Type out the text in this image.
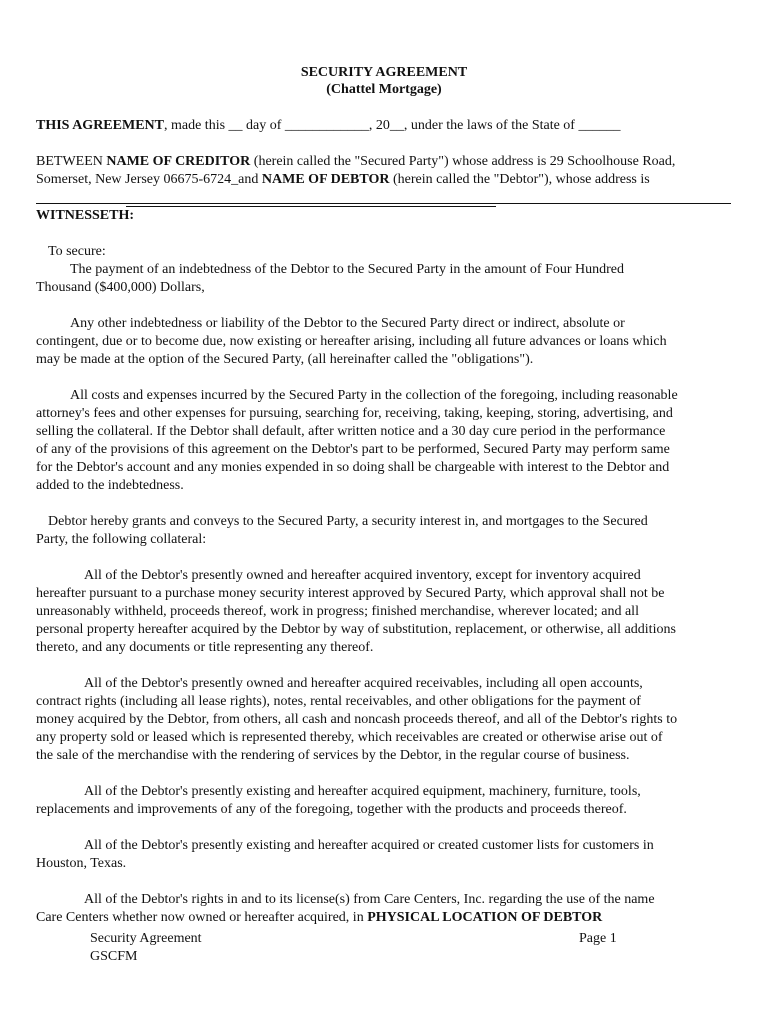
SECURITY AGREEMENT
(Chattel Mortgage)
THIS AGREEMENT, made this __ day of ____________, 20__, under the laws of the State of ______
BETWEEN NAME OF CREDITOR (herein called the "Secured Party") whose address is 29 Schoolhouse Road,
Somerset, New Jersey 06675-6724_and NAME OF DEBTOR (herein called the "Debtor"), whose address is
WITNESSETH:
To secure:

The payment of an indebtedness of the Debtor to the Secured Party in the amount of Four Hundred

Thousand ($400,000) Dollars,

Any other indebtedness or liability of the Debtor to the Secured Party direct or indirect, absolute or

contingent, due or to become due, now existing or hereafter arising, including all future advances or loans which

may be made at the option of the Secured Party, (all hereinafter called the "obligations").

All costs and expenses incurred by the Secured Party in the collection of the foregoing, including reasonable

attorney's fees and other expenses for pursuing, searching for, receiving, taking, keeping, storing, advertising, and

selling the collateral. If the Debtor shall default, after written notice and a 30 day cure period in the performance

of any of the provisions of this agreement on the Debtor's part to be performed, Secured Party may perform same

for the Debtor's account and any monies expended in so doing shall be chargeable with interest to the Debtor and

added to the indebtedness.

Debtor hereby grants and conveys to the Secured Party, a security interest in, and mortgages to the Secured

Party, the following collateral:

All of the Debtor's presently owned and hereafter acquired inventory, except for inventory acquired

hereafter pursuant to a purchase money security interest approved by Secured Party, which approval shall not be

unreasonably withheld, proceeds thereof, work in progress; finished merchandise, wherever located; and all

personal property hereafter acquired by the Debtor by way of substitution, replacement, or otherwise, all additions

thereto, and any documents or title representing any thereof.

All of the Debtor's presently owned and hereafter acquired receivables, including all open accounts,

contract rights (including all lease rights), notes, rental receivables, and other obligations for the payment of

money acquired by the Debtor, from others, all cash and noncash proceeds thereof, and all of the Debtor's rights to

any property sold or leased which is represented thereby, which receivables are created or otherwise arise out of

the sale of the merchandise with the rendering of services by the Debtor, in the regular course of business.

All of the Debtor's presently existing and hereafter acquired equipment, machinery, furniture, tools,

replacements and improvements of any of the foregoing, together with the products and proceeds thereof.

All of the Debtor's presently existing and hereafter acquired or created customer lists for customers in

Houston, Texas.

All of the Debtor's rights in and to its license(s) from Care Centers, Inc. regarding the use of the name

Care Centers whether now owned or hereafter acquired, in PHYSICAL LOCATION OF DEBTOR

Security Agreement	Page 1
GSCFM
